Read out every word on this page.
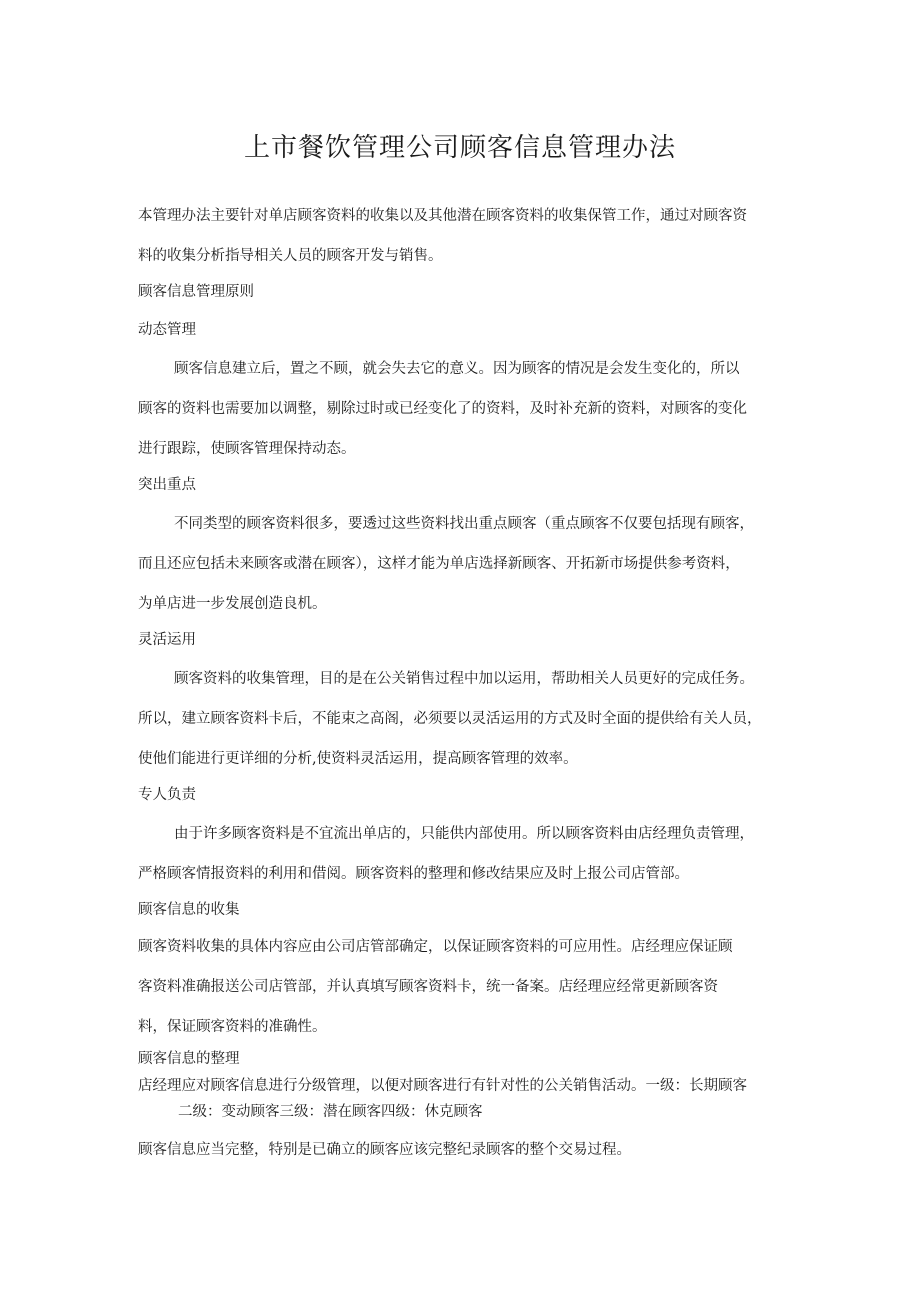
上市餐饮管理公司顾客信息管理办法
本管理办法主要针对单店顾客资料的收集以及其他潜在顾客资料的收集保管工作，通过对顾客资
料的收集分析指导相关人员的顾客开发与销售。
顾客信息管理原则
动态管理
顾客信息建立后，置之不顾，就会失去它的意义。因为顾客的情况是会发生变化的，所以
顾客的资料也需要加以调整，剔除过时或已经变化了的资料，及时补充新的资料，对顾客的变化
进行跟踪，使顾客管理保持动态。
突出重点
不同类型的顾客资料很多，要透过这些资料找出重点顾客（重点顾客不仅要包括现有顾客，
而且还应包括未来顾客或潜在顾客），这样才能为单店选择新顾客、开拓新市场提供参考资料，
为单店进一步发展创造良机。
灵活运用
顾客资料的收集管理，目的是在公关销售过程中加以运用，帮助相关人员更好的完成任务。
所以，建立顾客资料卡后，不能束之高阁，必须要以灵活运用的方式及时全面的提供给有关人员，
使他们能进行更详细的分析,使资料灵活运用，提高顾客管理的效率。
专人负责
由于许多顾客资料是不宜流出单店的，只能供内部使用。所以顾客资料由店经理负责管理，
严格顾客情报资料的利用和借阅。顾客资料的整理和修改结果应及时上报公司店管部。
顾客信息的收集
顾客资料收集的具体内容应由公司店管部确定，以保证顾客资料的可应用性。店经理应保证顾
客资料准确报送公司店管部，并认真填写顾客资料卡，统一备案。店经理应经常更新顾客资
料，保证顾客资料的准确性。
顾客信息的整理
店经理应对顾客信息进行分级管理，以便对顾客进行有针对性的公关销售活动。一级：长期顾客
二级：变动顾客三级：潜在顾客四级：休克顾客
顾客信息应当完整，特别是已确立的顾客应该完整纪录顾客的整个交易过程。
